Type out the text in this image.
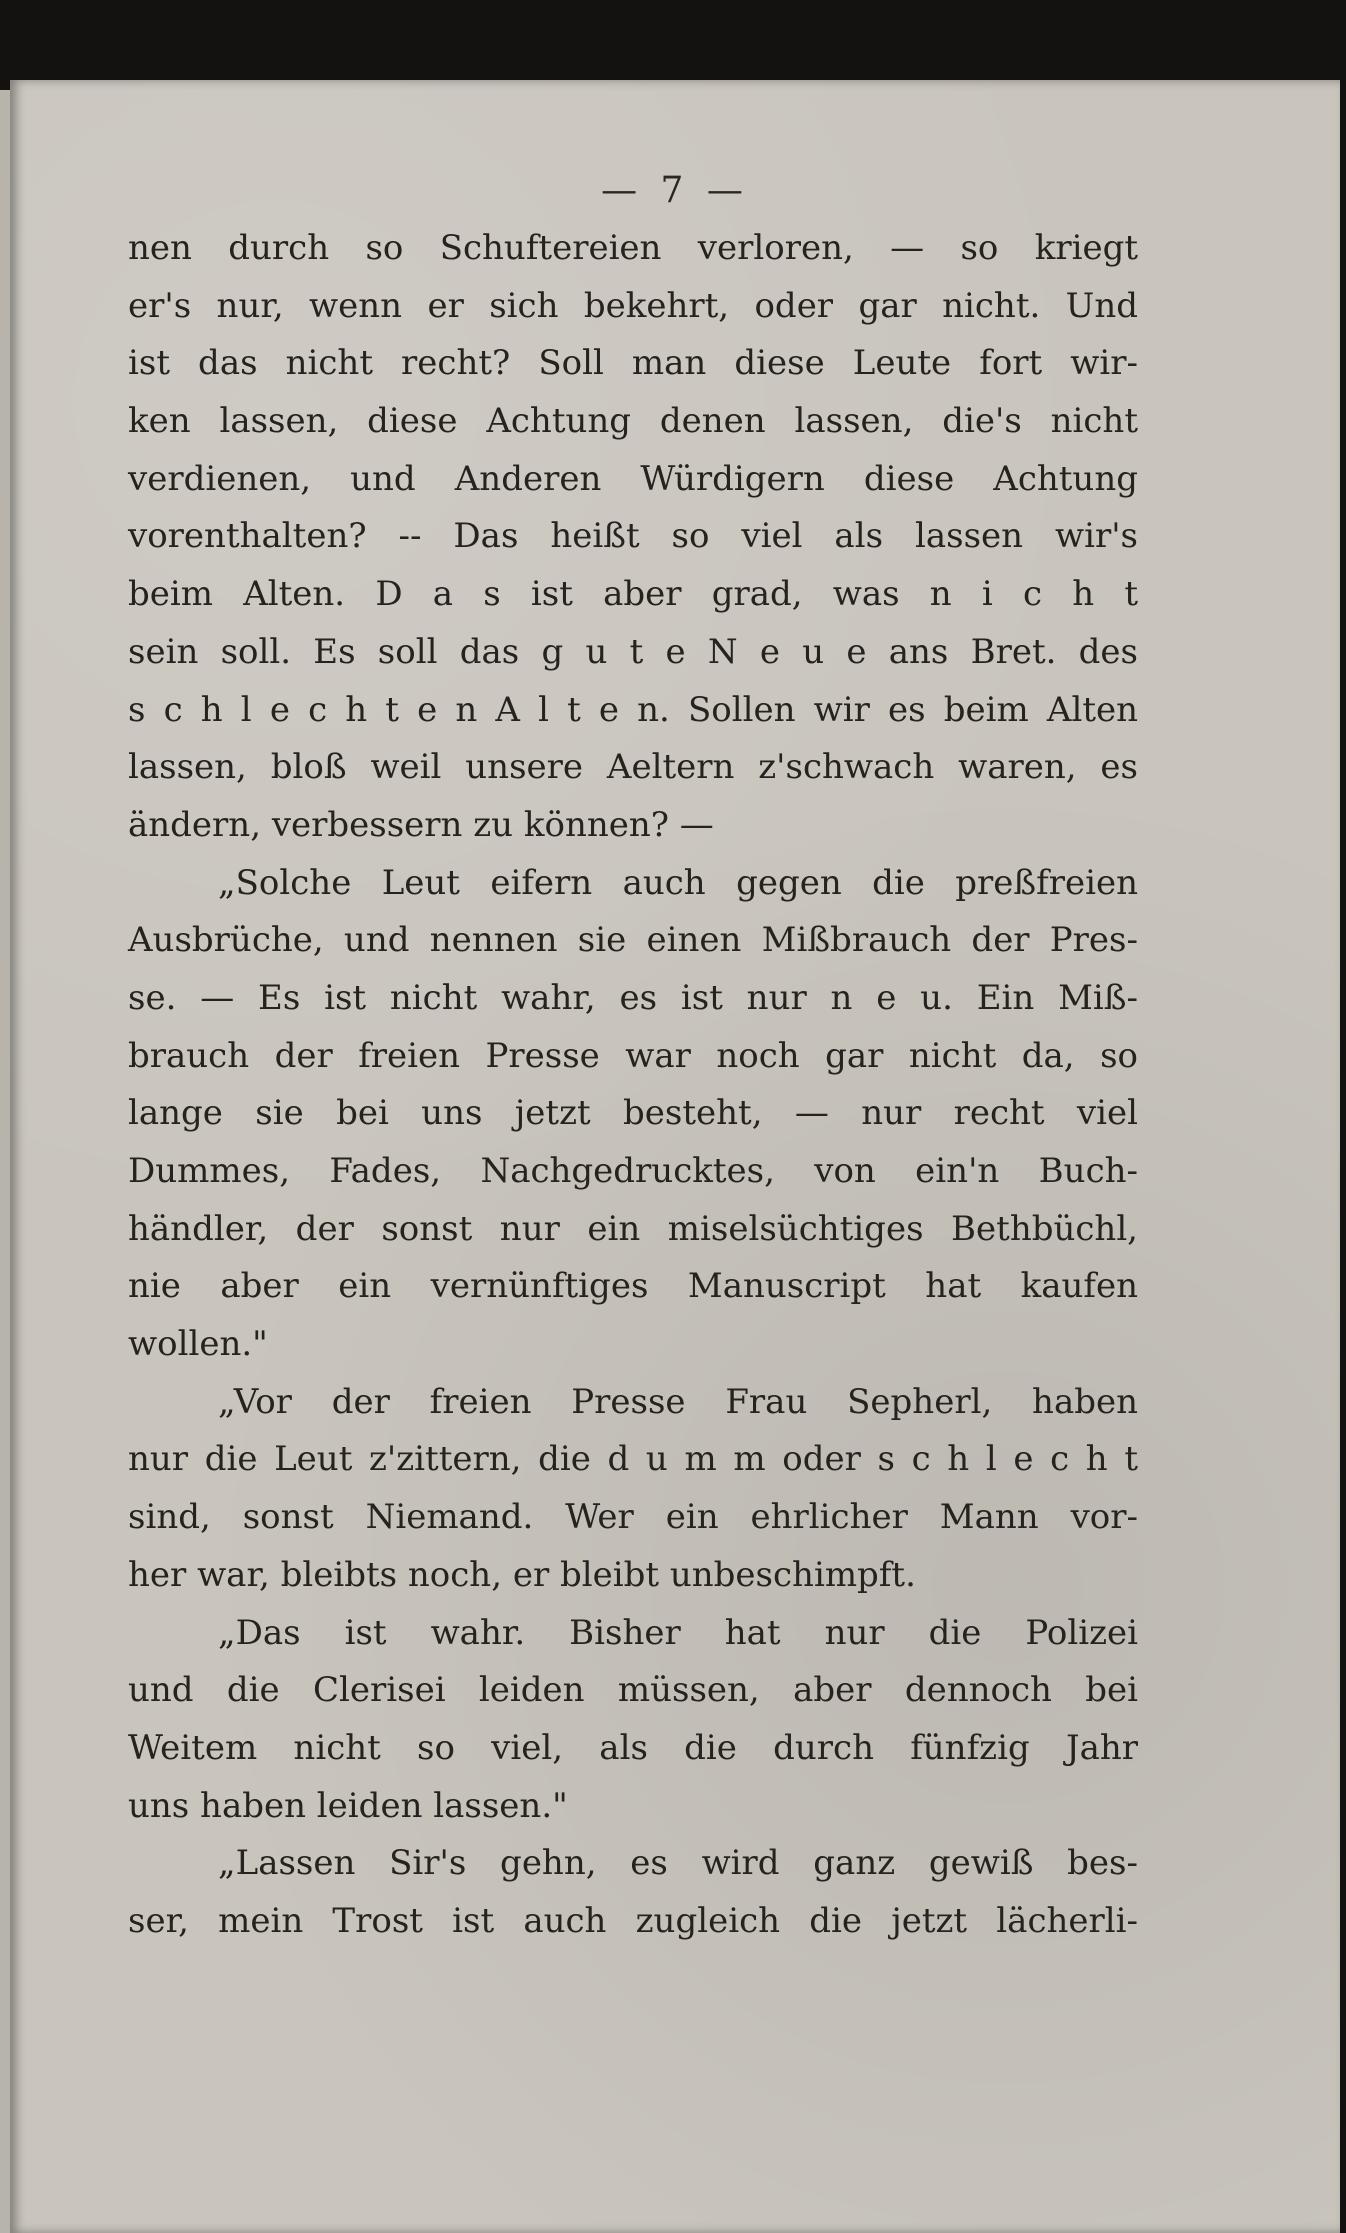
— 7 —
nen durch so Schuftereien verloren, — so kriegt
er's nur, wenn er sich bekehrt, oder gar nicht. Und
ist das nicht recht? Soll man diese Leute fort wir-
ken lassen, diese Achtung denen lassen, die's nicht
verdienen, und Anderen Würdigern diese Achtung
vorenthalten? -- Das heißt so viel als lassen wir's
beim Alten. D a s ist aber grad, was n i c h t
sein soll. Es soll das g u t e N e u e ans Bret. des
s c h l e c h t e n A l t e n. Sollen wir es beim Alten
lassen, bloß weil unsere Aeltern z'schwach waren, es
ändern, verbessern zu können? —
„Solche Leut eifern auch gegen die preßfreien
Ausbrüche, und nennen sie einen Mißbrauch der Pres-
se. — Es ist nicht wahr, es ist nur n e u. Ein Miß-
brauch der freien Presse war noch gar nicht da, so
lange sie bei uns jetzt besteht, — nur recht viel
Dummes, Fades, Nachgedrucktes, von ein'n Buch-
händler, der sonst nur ein miselsüchtiges Bethbüchl,
nie aber ein vernünftiges Manuscript hat kaufen
wollen."
„Vor der freien Presse Frau Sepherl, haben
nur die Leut z'zittern, die d u m m oder s c h l e c h t
sind, sonst Niemand. Wer ein ehrlicher Mann vor-
her war, bleibts noch, er bleibt unbeschimpft.
„Das ist wahr. Bisher hat nur die Polizei
und die Clerisei leiden müssen, aber dennoch bei
Weitem nicht so viel, als die durch fünfzig Jahr
uns haben leiden lassen."
„Lassen Sir's gehn, es wird ganz gewiß bes-
ser, mein Trost ist auch zugleich die jetzt lächerli-
